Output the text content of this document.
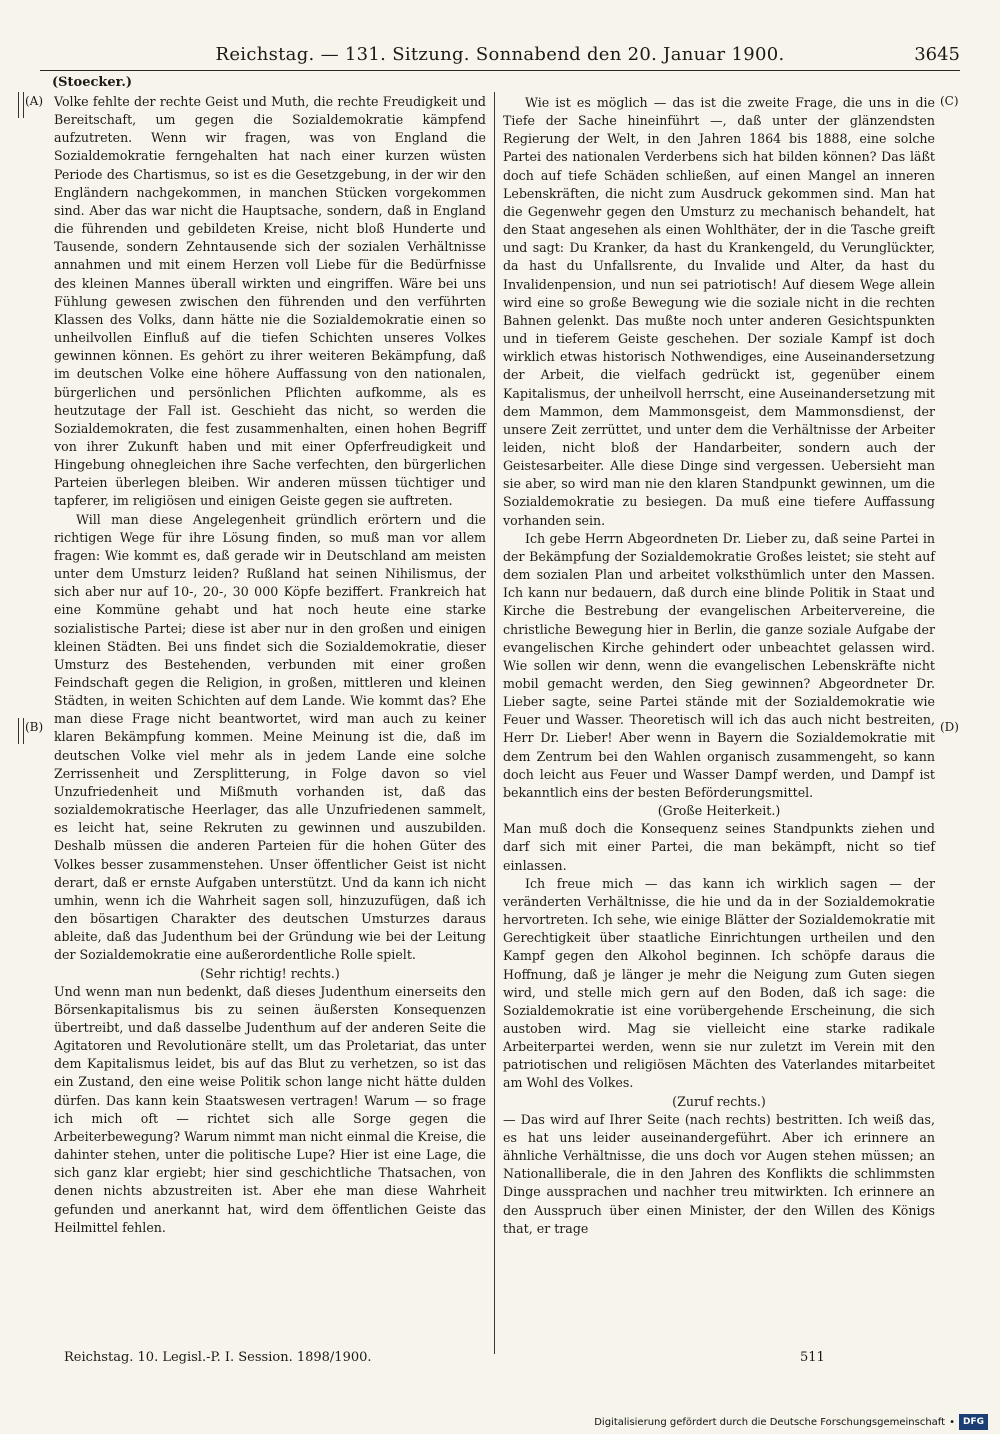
Reichstag. — 131. Sitzung. Sonnabend den 20. Januar 1900.	3645
(Stoecker.)
(A)
(B)
(C)
(D)

Volke fehlte der rechte Geist und Muth, die rechte Freudigkeit und Bereitschaft, um gegen die Sozialdemokratie kämpfend aufzutreten. Wenn wir fragen, was von England die Sozialdemokratie ferngehalten hat nach einer kurzen wüsten Periode des Chartismus, so ist es die Gesetzgebung, in der wir den Engländern nachgekommen, in manchen Stücken vorgekommen sind. Aber das war nicht die Hauptsache, sondern, daß in England die führenden und gebildeten Kreise, nicht bloß Hunderte und Tausende, sondern Zehntausende sich der sozialen Verhältnisse annahmen und mit einem Herzen voll Liebe für die Bedürfnisse des kleinen Mannes überall wirkten und eingriffen. Wäre bei uns Fühlung gewesen zwischen den führenden und den verführten Klassen des Volks, dann hätte nie die Sozialdemokratie einen so unheilvollen Einfluß auf die tiefen Schichten unseres Volkes gewinnen können. Es gehört zu ihrer weiteren Bekämpfung, daß im deutschen Volke eine höhere Auffassung von den nationalen, bürgerlichen und persönlichen Pflichten aufkomme, als es heutzutage der Fall ist. Geschieht das nicht, so werden die Sozialdemokraten, die fest zusammenhalten, einen hohen Begriff von ihrer Zukunft haben und mit einer Opferfreudigkeit und Hingebung ohnegleichen ihre Sache verfechten, den bürgerlichen Parteien überlegen bleiben. Wir anderen müssen tüchtiger und tapferer, im religiösen und einigen Geiste gegen sie auftreten.

Will man diese Angelegenheit gründlich erörtern und die richtigen Wege für ihre Lösung finden, so muß man vor allem fragen: Wie kommt es, daß gerade wir in Deutschland am meisten unter dem Umsturz leiden? Rußland hat seinen Nihilismus, der sich aber nur auf 10-, 20-, 30 000 Köpfe beziffert. Frankreich hat eine Kommüne gehabt und hat noch heute eine starke sozialistische Partei; diese ist aber nur in den großen und einigen kleinen Städten. Bei uns findet sich die Sozialdemokratie, dieser Umsturz des Bestehenden, verbunden mit einer großen Feindschaft gegen die Religion, in großen, mittleren und kleinen Städten, in weiten Schichten auf dem Lande. Wie kommt das? Ehe man diese Frage nicht beantwortet, wird man auch zu keiner klaren Bekämpfung kommen. Meine Meinung ist die, daß im deutschen Volke viel mehr als in jedem Lande eine solche Zerrissenheit und Zersplitterung, in Folge davon so viel Unzufriedenheit und Mißmuth vorhanden ist, daß das sozialdemokratische Heerlager, das alle Unzufriedenen sammelt, es leicht hat, seine Rekruten zu gewinnen und auszubilden. Deshalb müssen die anderen Parteien für die hohen Güter des Volkes besser zusammenstehen. Unser öffentlicher Geist ist nicht derart, daß er ernste Aufgaben unterstützt. Und da kann ich nicht umhin, wenn ich die Wahrheit sagen soll, hinzuzufügen, daß ich den bösartigen Charakter des deutschen Umsturzes daraus ableite, daß das Judenthum bei der Gründung wie bei der Leitung der Sozialdemokratie eine außerordentliche Rolle spielt.

(Sehr richtig! rechts.)

Und wenn man nun bedenkt, daß dieses Judenthum einerseits den Börsenkapitalismus bis zu seinen äußersten Konsequenzen übertreibt, und daß dasselbe Judenthum auf der anderen Seite die Agitatoren und Revolutionäre stellt, um das Proletariat, das unter dem Kapitalismus leidet, bis auf das Blut zu verhetzen, so ist das ein Zustand, den eine weise Politik schon lange nicht hätte dulden dürfen. Das kann kein Staatswesen vertragen! Warum — so frage ich mich oft — richtet sich alle Sorge gegen die Arbeiterbewegung? Warum nimmt man nicht einmal die Kreise, die dahinter stehen, unter die politische Lupe? Hier ist eine Lage, die sich ganz klar ergiebt; hier sind geschichtliche Thatsachen, von denen nichts abzustreiten ist. Aber ehe man diese Wahrheit gefunden und anerkannt hat, wird dem öffentlichen Geiste das Heilmittel fehlen.

Wie ist es möglich — das ist die zweite Frage, die uns in die Tiefe der Sache hineinführt —, daß unter der glänzendsten Regierung der Welt, in den Jahren 1864 bis 1888, eine solche Partei des nationalen Verderbens sich hat bilden können? Das läßt doch auf tiefe Schäden schließen, auf einen Mangel an inneren Lebenskräften, die nicht zum Ausdruck gekommen sind. Man hat die Gegenwehr gegen den Umsturz zu mechanisch behandelt, hat den Staat angesehen als einen Wohlthäter, der in die Tasche greift und sagt: Du Kranker, da hast du Krankengeld, du Verunglückter, da hast du Unfallsrente, du Invalide und Alter, da hast du Invalidenpension, und nun sei patriotisch! Auf diesem Wege allein wird eine so große Bewegung wie die soziale nicht in die rechten Bahnen gelenkt. Das mußte noch unter anderen Gesichtspunkten und in tieferem Geiste geschehen. Der soziale Kampf ist doch wirklich etwas historisch Nothwendiges, eine Auseinandersetzung der Arbeit, die vielfach gedrückt ist, gegenüber einem Kapitalismus, der unheilvoll herrscht, eine Auseinandersetzung mit dem Mammon, dem Mammonsgeist, dem Mammonsdienst, der unsere Zeit zerrüttet, und unter dem die Verhältnisse der Arbeiter leiden, nicht bloß der Handarbeiter, sondern auch der Geistesarbeiter. Alle diese Dinge sind vergessen. Uebersieht man sie aber, so wird man nie den klaren Standpunkt gewinnen, um die Sozialdemokratie zu besiegen. Da muß eine tiefere Auffassung vorhanden sein.

Ich gebe Herrn Abgeordneten Dr. Lieber zu, daß seine Partei in der Bekämpfung der Sozialdemokratie Großes leistet; sie steht auf dem sozialen Plan und arbeitet volksthümlich unter den Massen. Ich kann nur bedauern, daß durch eine blinde Politik in Staat und Kirche die Bestrebung der evangelischen Arbeitervereine, die christliche Bewegung hier in Berlin, die ganze soziale Aufgabe der evangelischen Kirche gehindert oder unbeachtet gelassen wird. Wie sollen wir denn, wenn die evangelischen Lebenskräfte nicht mobil gemacht werden, den Sieg gewinnen? Abgeordneter Dr. Lieber sagte, seine Partei stände mit der Sozialdemokratie wie Feuer und Wasser. Theoretisch will ich das auch nicht bestreiten, Herr Dr. Lieber! Aber wenn in Bayern die Sozialdemokratie mit dem Zentrum bei den Wahlen organisch zusammengeht, so kann doch leicht aus Feuer und Wasser Dampf werden, und Dampf ist bekanntlich eins der besten Beförderungsmittel.

(Große Heiterkeit.)

Man muß doch die Konsequenz seines Standpunkts ziehen und darf sich mit einer Partei, die man bekämpft, nicht so tief einlassen.

Ich freue mich — das kann ich wirklich sagen — der veränderten Verhältnisse, die hie und da in der Sozialdemokratie hervortreten. Ich sehe, wie einige Blätter der Sozialdemokratie mit Gerechtigkeit über staatliche Einrichtungen urtheilen und den Kampf gegen den Alkohol beginnen. Ich schöpfe daraus die Hoffnung, daß je länger je mehr die Neigung zum Guten siegen wird, und stelle mich gern auf den Boden, daß ich sage: die Sozialdemokratie ist eine vorübergehende Erscheinung, die sich austoben wird. Mag sie vielleicht eine starke radikale Arbeiterpartei werden, wenn sie nur zuletzt im Verein mit den patriotischen und religiösen Mächten des Vaterlandes mitarbeitet am Wohl des Volkes.

(Zuruf rechts.)

— Das wird auf Ihrer Seite (nach rechts) bestritten. Ich weiß das, es hat uns leider auseinandergeführt. Aber ich erinnere an ähnliche Verhältnisse, die uns doch vor Augen stehen müssen; an Nationalliberale, die in den Jahren des Konflikts die schlimmsten Dinge aussprachen und nachher treu mitwirkten. Ich erinnere an den Ausspruch über einen Minister, der den Willen des Königs that, er trage

Reichstag. 10. Legisl.-P. I. Session. 1898/1900.	511
Digitalisierung gefördert durch die Deutsche Forschungsgemeinschaft • DFG
